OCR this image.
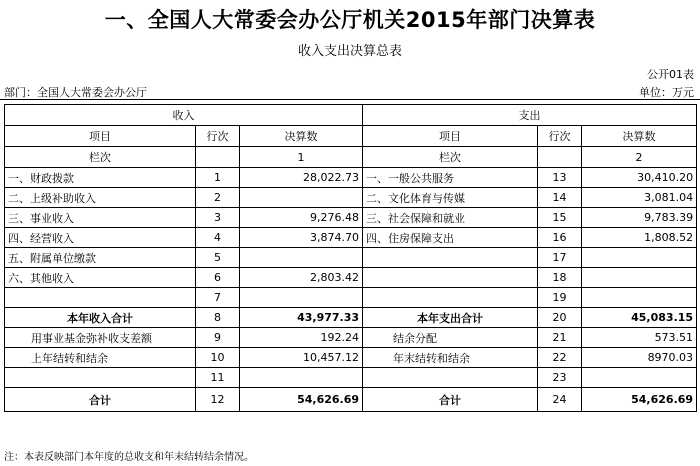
一、全国人大常委会办公厅机关2015年部门决算表
收入支出决算总表
公开01表
部门：全国人大常委会办公厅	单位：万元
收入			支出		
项目	行次	决算数	项目	行次	决算数
栏次		1	栏次		2
一、财政拨款	1	28,022.73	一、一般公共服务	13	30,410.20
二、上级补助收入	2		二、文化体育与传媒	14	3,081.04
三、事业收入	3	9,276.48	三、社会保障和就业	15	9,783.39
四、经营收入	4	3,874.70	四、住房保障支出	16	1,808.52
五、附属单位缴款	5			17	
六、其他收入	6	2,803.42		18	
	7			19	
本年收入合计	8	43,977.33	本年支出合计	20	45,083.15
用事业基金弥补收支差额	9	192.24	结余分配	21	573.51
上年结转和结余	10	10,457.12	年末结转和结余	22	8970.03
	11			23	
合计	12	54,626.69	合计	24	54,626.69
注：本表反映部门本年度的总收支和年末结转结余情况。
